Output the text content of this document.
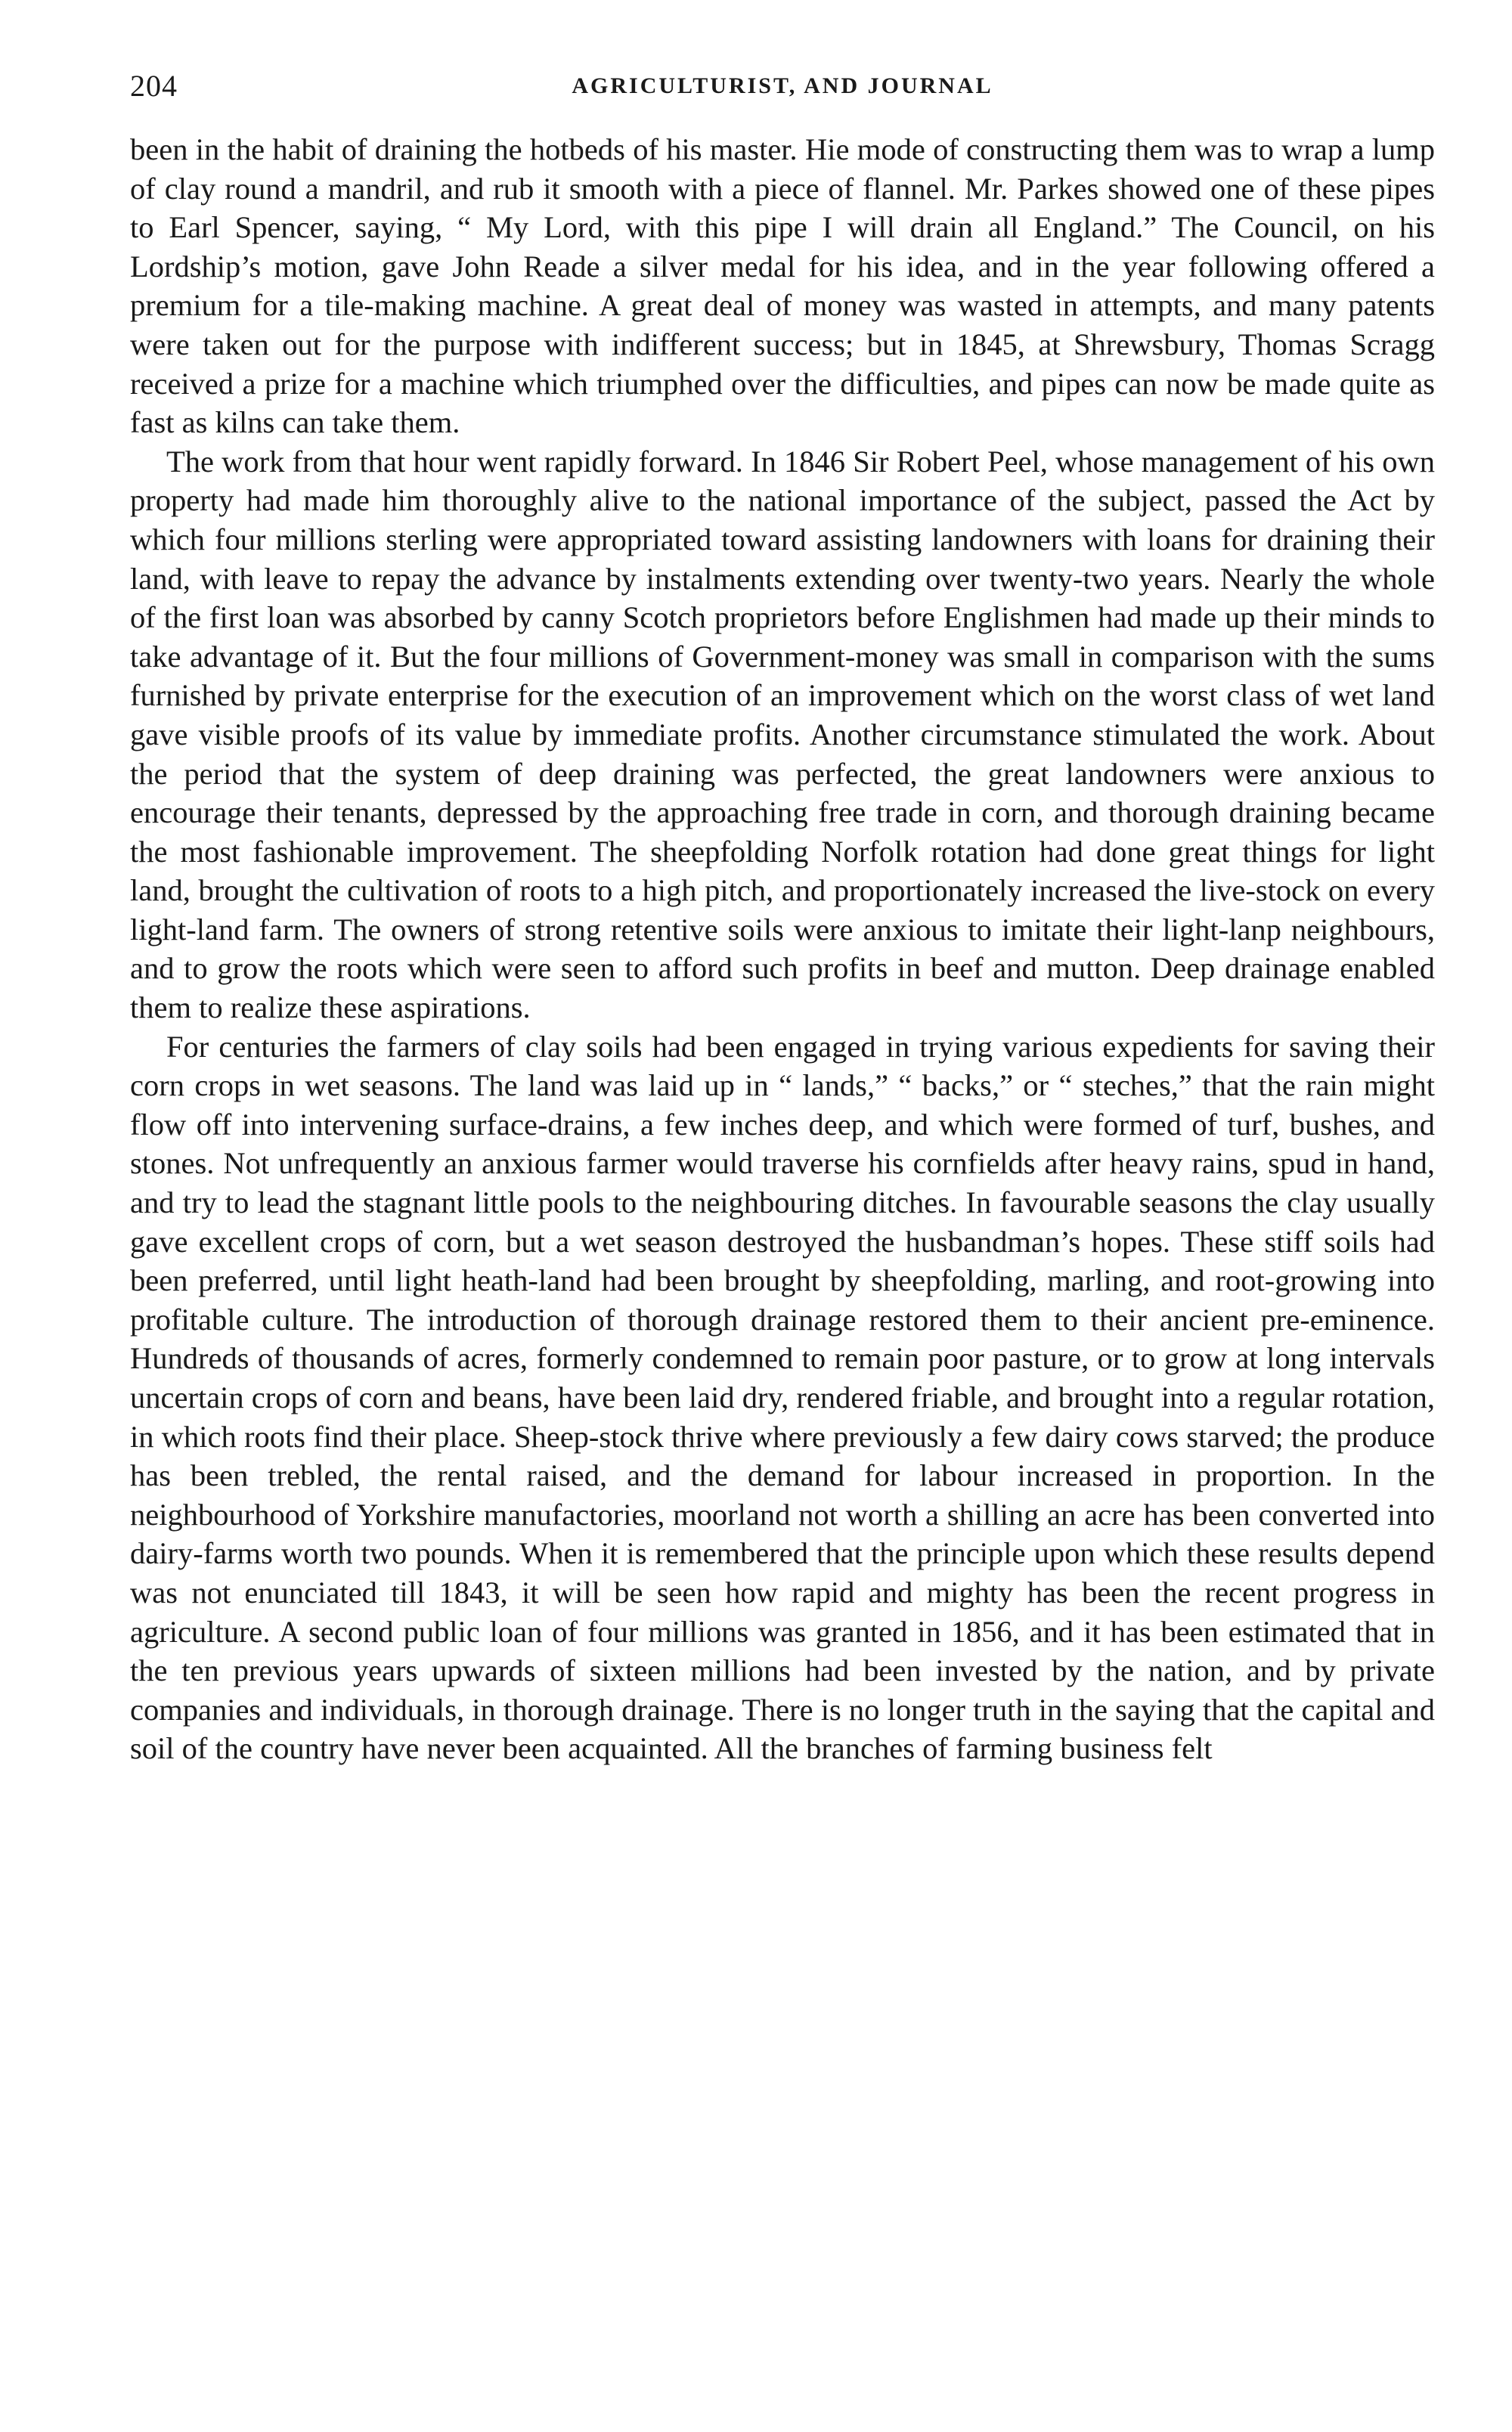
204	AGRICULTURIST, AND JOURNAL

been in the habit of draining the hotbeds of his master. Hie mode of constructing them was to wrap a lump of clay round a mandril, and rub it smooth with a piece of flannel. Mr. Parkes showed one of these pipes to Earl Spencer, saying, “ My Lord, with this pipe I will drain all England.” The Council, on his Lordship’s motion, gave John Reade a silver medal for his idea, and in the year following offered a premium for a tile-making machine. A great deal of money was wasted in attempts, and many patents were taken out for the purpose with indifferent success; but in 1845, at Shrewsbury, Thomas Scragg received a prize for a machine which triumphed over the difficulties, and pipes can now be made quite as fast as kilns can take them.

The work from that hour went rapidly forward. In 1846 Sir Robert Peel, whose management of his own property had made him thoroughly alive to the national importance of the subject, passed the Act by which four millions sterling were appropriated toward assisting landowners with loans for draining their land, with leave to repay the advance by instalments extending over twenty-two years. Nearly the whole of the first loan was absorbed by canny Scotch proprietors before Englishmen had made up their minds to take advantage of it. But the four millions of Government-money was small in comparison with the sums furnished by private enterprise for the execution of an improvement which on the worst class of wet land gave visible proofs of its value by immediate profits. Another circumstance stimulated the work. About the period that the system of deep draining was perfected, the great landowners were anxious to encourage their tenants, depressed by the approaching free trade in corn, and thorough draining became the most fashionable improvement. The sheepfolding Norfolk rotation had done great things for light land, brought the cultivation of roots to a high pitch, and proportionately increased the live-stock on every light-land farm. The owners of strong retentive soils were anxious to imitate their light-lanp neighbours, and to grow the roots which were seen to afford such profits in beef and mutton. Deep drainage enabled them to realize these aspirations.

For centuries the farmers of clay soils had been engaged in trying various expedients for saving their corn crops in wet seasons. The land was laid up in “ lands,” “ backs,” or “ steches,” that the rain might flow off into intervening surface-drains, a few inches deep, and which were formed of turf, bushes, and stones. Not unfrequently an anxious farmer would traverse his cornfields after heavy rains, spud in hand, and try to lead the stagnant little pools to the neighbouring ditches. In favourable seasons the clay usually gave excellent crops of corn, but a wet season destroyed the husbandman’s hopes. These stiff soils had been preferred, until light heath-land had been brought by sheepfolding, marling, and root-growing into profitable culture. The introduction of thorough drainage restored them to their ancient pre-eminence. Hundreds of thousands of acres, formerly condemned to remain poor pasture, or to grow at long intervals uncertain crops of corn and beans, have been laid dry, rendered friable, and brought into a regular rotation, in which roots find their place. Sheep-stock thrive where previously a few dairy cows starved; the produce has been trebled, the rental raised, and the demand for labour increased in proportion. In the neighbourhood of Yorkshire manufactories, moorland not worth a shilling an acre has been converted into dairy-farms worth two pounds. When it is remembered that the principle upon which these results depend was not enunciated till 1843, it will be seen how rapid and mighty has been the recent progress in agriculture. A second public loan of four millions was granted in 1856, and it has been estimated that in the ten previous years upwards of sixteen millions had been invested by the nation, and by private companies and individuals, in thorough drainage. There is no longer truth in the saying that the capital and soil of the country have never been acquainted. All the branches of farming business felt
